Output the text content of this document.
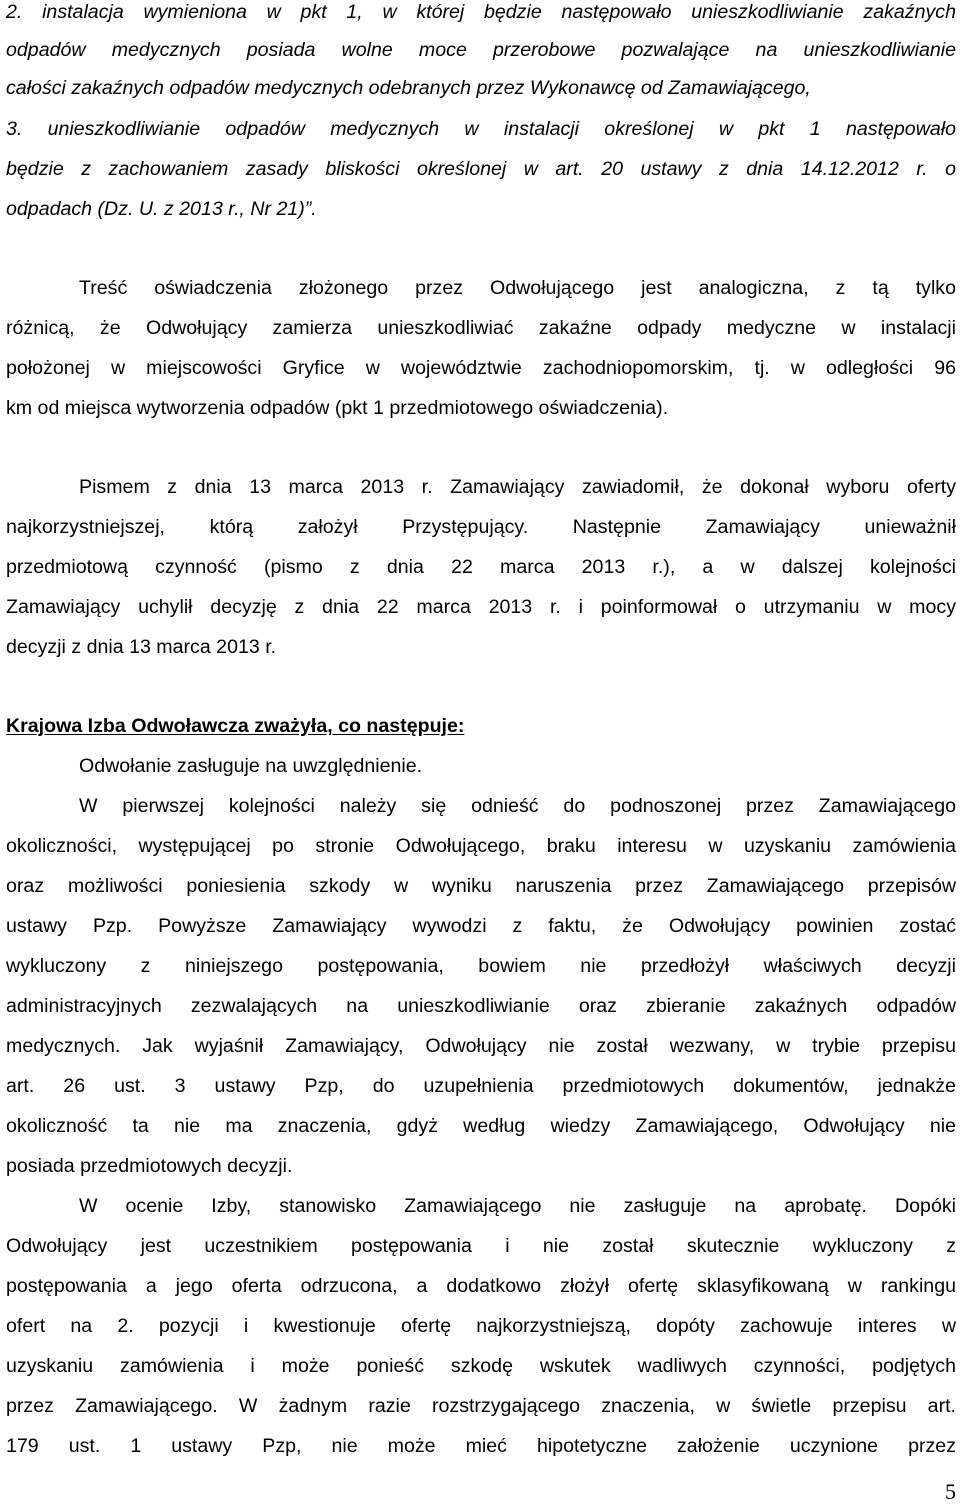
2. instalacja wymieniona w pkt 1, w której będzie następowało unieszkodliwianie zakaźnych

odpadów medycznych posiada wolne moce przerobowe pozwalające na unieszkodliwianie

całości zakaźnych odpadów medycznych odebranych przez Wykonawcę od Zamawiającego,

3. unieszkodliwianie odpadów medycznych w instalacji określonej w pkt 1 następowało

będzie z zachowaniem zasady bliskości określonej w art. 20 ustawy z dnia 14.12.2012 r. o

odpadach (Dz. U. z 2013 r., Nr 21)”.

Treść oświadczenia złożonego przez Odwołującego jest analogiczna, z tą tylko

różnicą, że Odwołujący zamierza unieszkodliwiać zakaźne odpady medyczne w instalacji

położonej w miejscowości Gryfice w województwie zachodniopomorskim, tj. w odległości 96

km od miejsca wytworzenia odpadów (pkt 1 przedmiotowego oświadczenia).

Pismem z dnia 13 marca 2013 r. Zamawiający zawiadomił, że dokonał wyboru oferty

najkorzystniejszej, którą założył Przystępujący. Następnie Zamawiający unieważnił

przedmiotową czynność (pismo z dnia 22 marca 2013 r.), a w dalszej kolejności

Zamawiający uchylił decyzję z dnia 22 marca 2013 r. i poinformował o utrzymaniu w mocy

decyzji z dnia 13 marca 2013 r.

Krajowa Izba Odwoławcza zważyła, co następuje:

Odwołanie zasługuje na uwzględnienie.

W pierwszej kolejności należy się odnieść do podnoszonej przez Zamawiającego

okoliczności, występującej po stronie Odwołującego, braku interesu w uzyskaniu zamówienia

oraz możliwości poniesienia szkody w wyniku naruszenia przez Zamawiającego przepisów

ustawy Pzp. Powyższe Zamawiający wywodzi z faktu, że Odwołujący powinien zostać

wykluczony z niniejszego postępowania, bowiem nie przedłożył właściwych decyzji

administracyjnych zezwalających na unieszkodliwianie oraz zbieranie zakaźnych odpadów

medycznych. Jak wyjaśnił Zamawiający, Odwołujący nie został wezwany, w trybie przepisu

art. 26 ust. 3 ustawy Pzp, do uzupełnienia przedmiotowych dokumentów, jednakże

okoliczność ta nie ma znaczenia, gdyż według wiedzy Zamawiającego, Odwołujący nie

posiada przedmiotowych decyzji.

W ocenie Izby, stanowisko Zamawiającego nie zasługuje na aprobatę. Dopóki

Odwołujący jest uczestnikiem postępowania i nie został skutecznie wykluczony z

postępowania a jego oferta odrzucona, a dodatkowo złożył ofertę sklasyfikowaną w rankingu

ofert na 2. pozycji i kwestionuje ofertę najkorzystniejszą, dopóty zachowuje interes w

uzyskaniu zamówienia i może ponieść szkodę wskutek wadliwych czynności, podjętych

przez Zamawiającego. W żadnym razie rozstrzygającego znaczenia, w świetle przepisu art.

179 ust. 1 ustawy Pzp, nie może mieć hipotetyczne założenie uczynione przez

5
